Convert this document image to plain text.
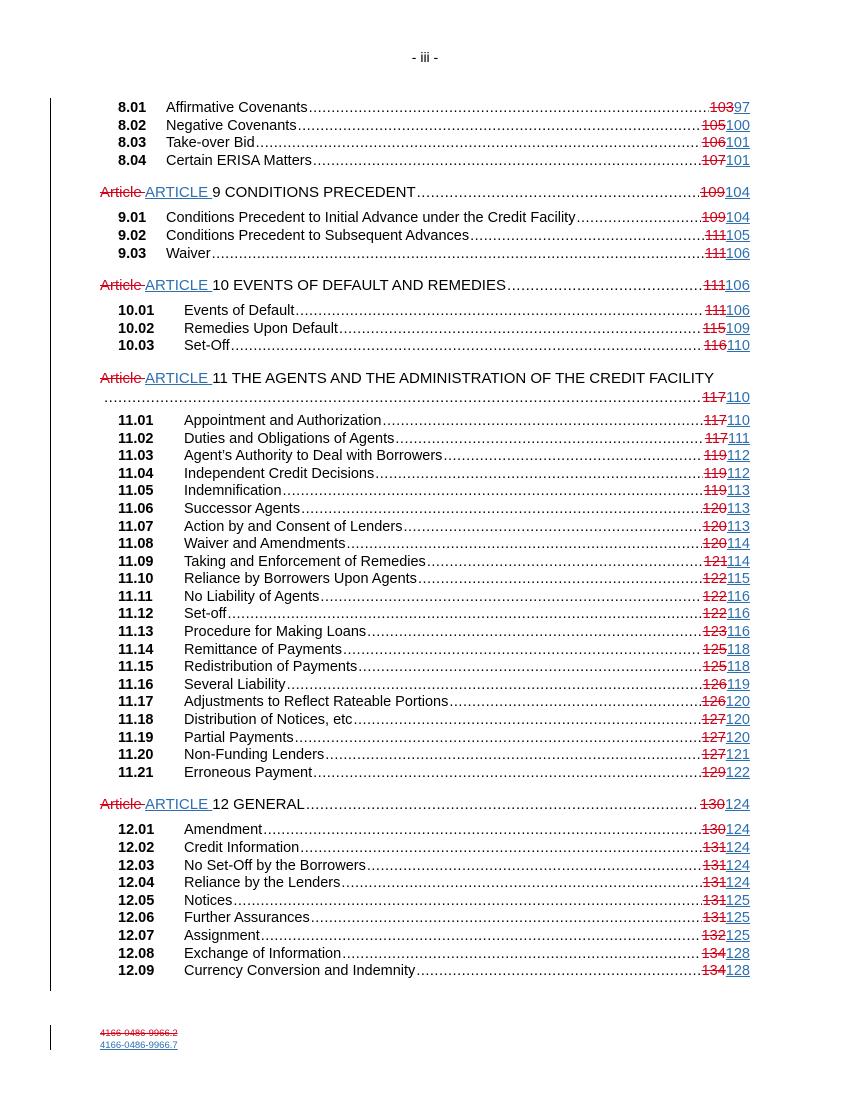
- iii -
8.01	Affirmative Covenants .....	10397
8.02	Negative Covenants .....	105100
8.03	Take-over Bid .....	106101
8.04	Certain ERISA Matters .....	107101
Article ARTICLE 9 CONDITIONS PRECEDENT .....	109104
9.01	Conditions Precedent to Initial Advance under the Credit Facility .....	109104
9.02	Conditions Precedent to Subsequent Advances .....	111105
9.03	Waiver .....	111106
Article ARTICLE 10 EVENTS OF DEFAULT AND REMEDIES .....	111106
10.01	Events of Default .....	111106
10.02	Remedies Upon Default .....	115109
10.03	Set-Off .....	116110
Article ARTICLE 11 THE AGENTS AND THE ADMINISTRATION OF THE CREDIT FACILITY
.....
117110
11.01	Appointment and Authorization .....	117110
11.02	Duties and Obligations of Agents .....	117111
11.03	Agent’s Authority to Deal with Borrowers .....	119112
11.04	Independent Credit Decisions .....	119112
11.05	Indemnification .....	119113
11.06	Successor Agents .....	120113
11.07	Action by and Consent of Lenders .....	120113
11.08	Waiver and Amendments .....	120114
11.09	Taking and Enforcement of Remedies .....	121114
11.10	Reliance by Borrowers Upon Agents .....	122115
11.11	No Liability of Agents .....	122116
11.12	Set-off .....	122116
11.13	Procedure for Making Loans .....	123116
11.14	Remittance of Payments .....	125118
11.15	Redistribution of Payments .....	125118
11.16	Several Liability .....	126119
11.17	Adjustments to Reflect Rateable Portions .....	126120
11.18	Distribution of Notices, etc .....	127120
11.19	Partial Payments .....	127120
11.20	Non-Funding Lenders .....	127121
11.21	Erroneous Payment .....	129122
Article ARTICLE 12 GENERAL .....	130124
12.01	Amendment .....	130124
12.02	Credit Information .....	131124
12.03	No Set-Off by the Borrowers .....	131124
12.04	Reliance by the Lenders .....	131124
12.05	Notices .....	131125
12.06	Further Assurances .....	131125
12.07	Assignment .....	132125
12.08	Exchange of Information .....	134128
12.09	Currency Conversion and Indemnity .....	134128
4166-0486-9966.2
4166-0486-9966.7
